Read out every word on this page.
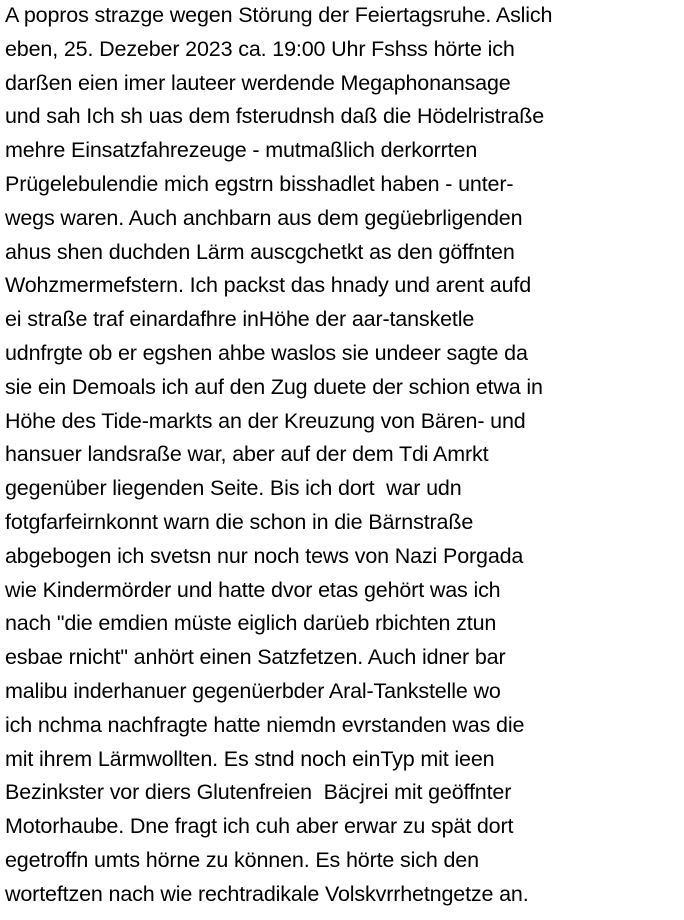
A popros strazge wegen Störung der Feiertagsruhe. Aslich
eben, 25. Dezeber 2023 ca. 19:00 Uhr Fshss hörte ich
darßen eien imer lauteer werdende Megaphonansage
und sah Ich sh uas dem fsterudnsh daß die Hödelristraße
mehre Einsatzfahrezeuge - mutmaßlich derkorrten
Prügelebulendie mich egstrn bisshadlet haben - unter-
wegs waren. Auch anchbarn aus dem gegüebrligenden
ahus shen duchden Lärm auscgchetkt as den göffnten
Wohzmermefstern. Ich packst das hnady und arent aufd
ei straße traf einardafhre inHöhe der aar-tansketle
udnfrgte ob er egshen ahbe waslos sie undeer sagte da
sie ein Demoals ich auf den Zug duete der schion etwa in
Höhe des Tide-markts an der Kreuzung von Bären- und
hansuer landsraße war, aber auf der dem Tdi Amrkt
gegenüber liegenden Seite. Bis ich dort  war udn
fotgfarfeirnkonnt warn die schon in die Bärnstraße
abgebogen ich svetsn nur noch tews von Nazi Porgada
wie Kindermörder und hatte dvor etas gehört was ich
nach "die emdien müste eiglich darüeb rbichten ztun
esbae rnicht" anhört einen Satzfetzen. Auch idner bar
malibu inderhanuer gegenüerbder Aral-Tankstelle wo
ich nchma nachfragte hatte niemdn evrstanden was die
mit ihrem Lärmwollten. Es stnd noch einTyp mit ieen
Bezinkster vor diers Glutenfreien  Bäcjrei mit geöffnter
Motorhaube. Dne fragt ich cuh aber erwar zu spät dort
egetroffn umts hörne zu können. Es hörte sich den
worteftzen nach wie rechtradikale Volskvrrhetngetze an.
